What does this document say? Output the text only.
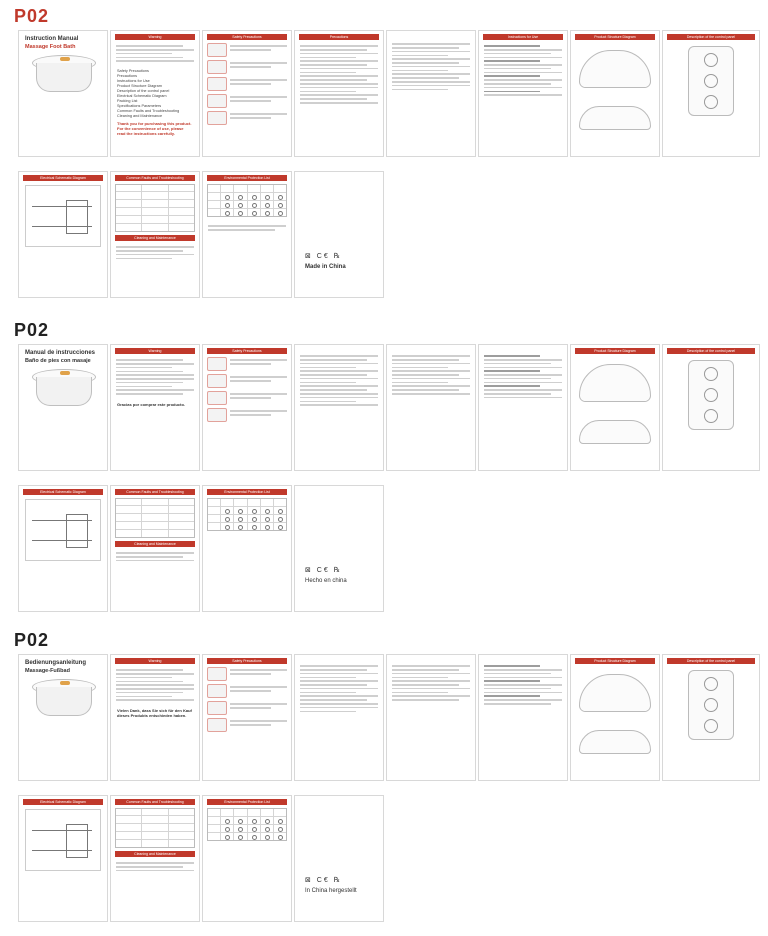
P02
Instruction Manual
Massage Foot Bath
Warning
Safety Precautions
Precautions
Instructions for Use
Product Structure Diagram
Description of the control panel
Electrical Schematic Diagram
Packing List
Specifications Parameters
Common Faults and Troubleshooting
Cleaning and Maintenance
Thank you for purchasing this product. For the convenience of use, please read the instructions carefully.
Safety Precautions	Precautions	Instructions for Use	Product Structure Diagram	Description of the control panel
Electrical Schematic Diagram	Common Faults and Troubleshooting
Cleaning and Maintenance
Environmental Protection List
⊠ C€ ℞
Made in China
P02
Manual de instrucciones
Baño de pies con masaje
Warning
Gracias por comprar este producto.
Safety Precautions	Product Structure Diagram	Description of the control panel
Electrical Schematic Diagram	Common Faults and Troubleshooting
Cleaning and Maintenance
Environmental Protection List
⊠ C€ ℞
Hecho en china
P02
Bedienungsanleitung
Massage-Fußbad
Warning
Vielen Dank, dass Sie sich für den Kauf dieses Produkts entschieden haben.
Safety Precautions	Product Structure Diagram	Description of the control panel
Electrical Schematic Diagram	Common Faults and Troubleshooting
Cleaning and Maintenance
Environmental Protection List
⊠ C€ ℞
In China hergestellt
